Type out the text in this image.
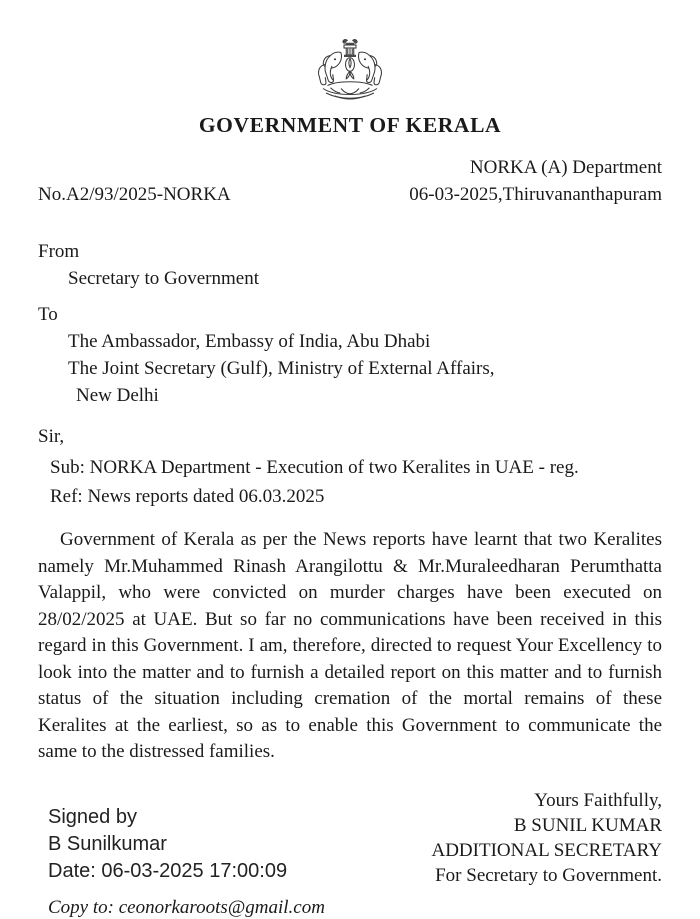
GOVERNMENT OF KERALA
NORKA (A) Department
No.A2/93/2025-NORKA	06-03-2025,Thiruvananthapuram
From
Secretary to Government
To
The Ambassador, Embassy of India, Abu Dhabi
The Joint Secretary (Gulf), Ministry of External Affairs,
New Delhi
Sir,
Sub: NORKA Department - Execution of two Keralites in UAE - reg.
Ref: News reports dated 06.03.2025
Government of Kerala as per the News reports have learnt that two Keralites namely Mr.Muhammed Rinash Arangilottu & Mr.Muraleedharan Perumthatta Valappil, who were convicted on murder charges have been executed on 28/02/2025 at UAE. But so far no communications have been received in this regard in this Government. I am, therefore, directed to request Your Excellency to look into the matter and to furnish a detailed report on this matter and to furnish status of the situation including cremation of the mortal remains of these Keralites at the earliest, so as to enable this Government to communicate the same to the distressed families.
Signed by
B Sunilkumar
Date: 06-03-2025 17:00:09
Yours Faithfully,
B SUNIL KUMAR
ADDITIONAL SECRETARY
For Secretary to Government.
Copy to: ceonorkaroots@gmail.com
